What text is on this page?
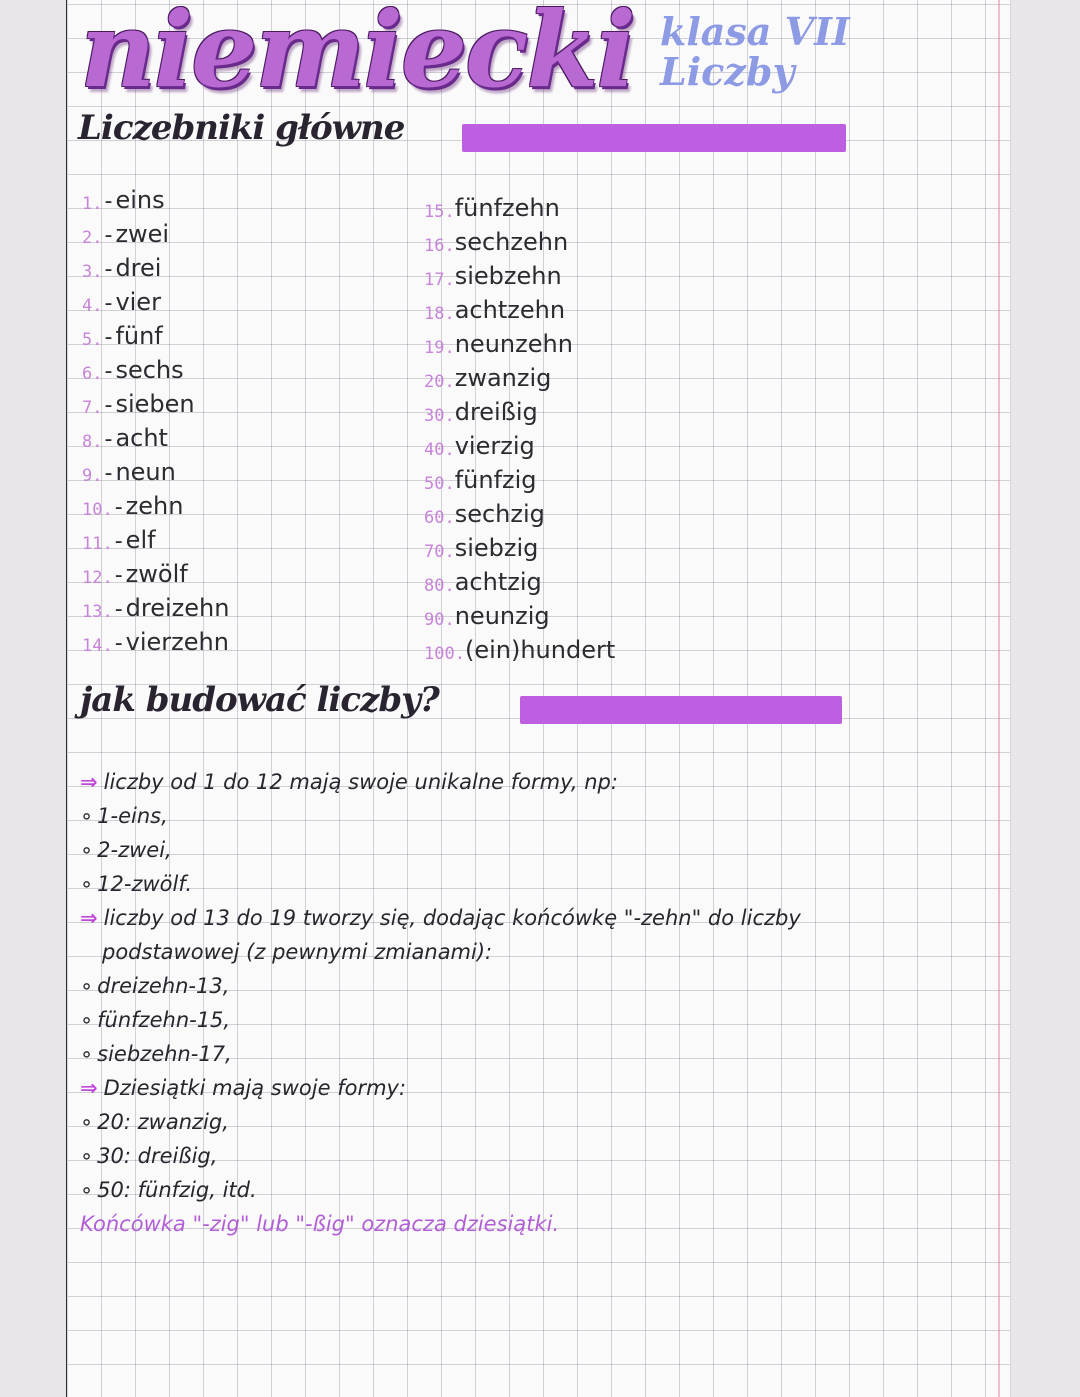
niemiecki klasa VII
Liczby
Liczebniki główne
1. - eins
2. - zwei
3. - drei
4. - vier
5. - fünf
6. - sechs
7. - sieben
8. - acht
9. - neun
10. - zehn
11. - elf
12. - zwölf
13. - dreizehn
14. - vierzehn
15. fünfzehn
16. sechzehn
17. siebzehn
18. achtzehn
19. neunzehn
20. zwanzig
30. dreißig
40. vierzig
50. fünfzig
60. sechzig
70. siebzig
80. achtzig
90. neunzig
100. (ein)hundert
jak budować liczby?
⇒ liczby od 1 do 12 mają swoje unikalne formy, np:
∘ 1-eins,
∘ 2-zwei,
∘ 12-zwölf.
⇒ liczby od 13 do 19 tworzy się, dodając końcówkę "-zehn" do liczby
podstawowej (z pewnymi zmianami):
∘ dreizehn-13,
∘ fünfzehn-15,
∘ siebzehn-17,
⇒ Dziesiątki mają swoje formy:
∘ 20: zwanzig,
∘ 30: dreißig,
∘ 50: fünfzig, itd.
Końcówka "-zig" lub "-ßig" oznacza dziesiątki.
